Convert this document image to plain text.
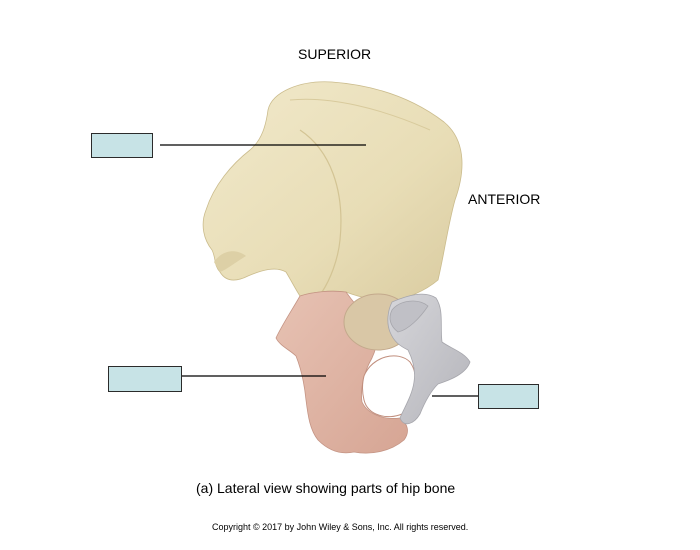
SUPERIOR
ANTERIOR
(a) Lateral view showing parts of hip bone
Copyright © 2017 by John Wiley & Sons, Inc. All rights reserved.
